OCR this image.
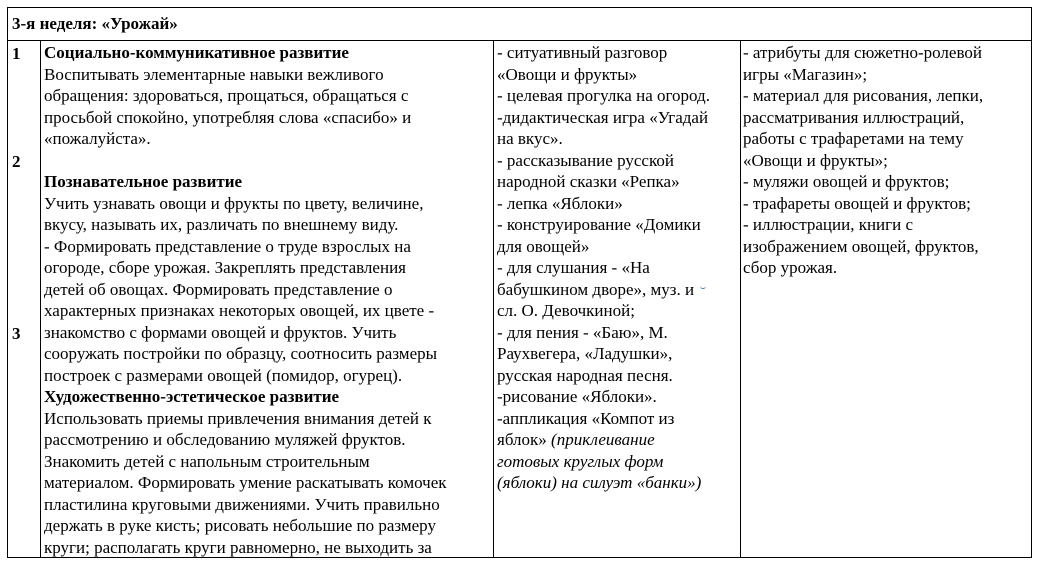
3-я неделя: «Урожай»
1
2
3

Социально-коммуникативное развитие

Воспитывать элементарные навыки вежливого

обращения: здороваться, прощаться, обращаться с

просьбой спокойно, употребляя слова «спасибо» и

«пожалуйста».

Познавательное развитие

Учить узнавать овощи и фрукты по цвету, величине,

вкусу, называть их, различать по внешнему виду.

- Формировать представление о труде взрослых на

огороде, сборе урожая. Закреплять представления

детей об овощах. Формировать представление о

характерных признаках некоторых овощей, их цвете -

знакомство с формами овощей и фруктов. Учить

сооружать постройки по образцу, соотносить размеры

построек с размерами овощей (помидор, огурец).

Художественно-эстетическое развитие

Использовать приемы привлечения внимания детей к

рассмотрению и обследованию муляжей фруктов.

Знакомить детей с напольным строительным

материалом. Формировать умение раскатывать комочек

пластилина круговыми движениями. Учить правильно

держать в руке кисть; рисовать небольшие по размеру

круги; располагать круги равномерно, не выходить за

- ситуативный разговор

«Овощи и фрукты»

- целевая прогулка на огород.

-дидактическая игра «Угадай

на вкус».

- рассказывание русской

народной сказки «Репка»

- лепка «Яблоки»

- конструирование «Домики

для овощей»

- для слушания - «На

бабушкином дворе», муз. и

сл. О. Девочкиной;

- для пения - «Баю», М.

Раухвегера, «Ладушки»,

русская народная песня.

-рисование «Яблоки».

-аппликация «Компот из

яблок» (приклеивание

готовых круглых форм

(яблоки) на силуэт «банки»)

- атрибуты для сюжетно-ролевой

игры «Магазин»;

- материал для рисования, лепки,

рассматривания иллюстраций,

работы с трафаретами на тему

«Овощи и фрукты»;

- муляжи овощей и фруктов;

- трафареты овощей и фруктов;

- иллюстрации, книги с

изображением овощей, фруктов,

сбор урожая.
